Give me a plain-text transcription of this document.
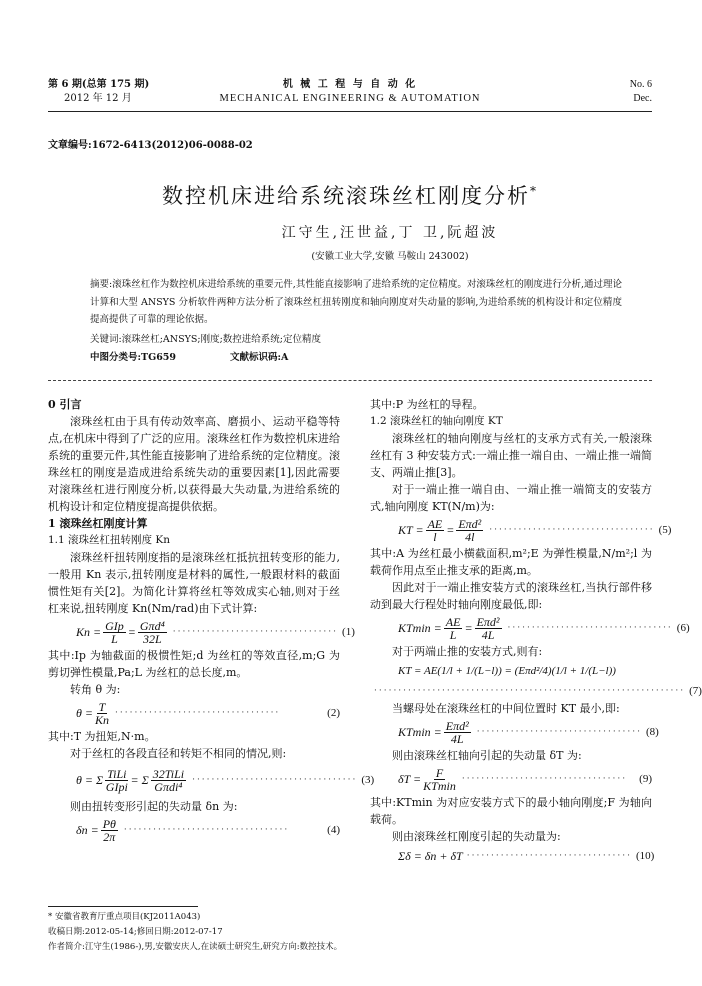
第 6 期(总第 175 期)
2012 年 12 月
机 械 工 程 与 自 动 化
MECHANICAL ENGINEERING & AUTOMATION
No. 6
Dec.
文章编号:1672-6413(2012)06-0088-02
数控机床进给系统滚珠丝杠刚度分析*
江守生,汪世益,丁 卫,阮超波
(安徽工业大学,安徽 马鞍山 243002)
摘要:滚珠丝杠作为数控机床进给系统的重要元件,其性能直接影响了进给系统的定位精度。对滚珠丝杠的刚度进行分析,通过理论计算和大型 ANSYS 分析软件两种方法分析了滚珠丝杠扭转刚度和轴向刚度对失动量的影响,为进给系统的机构设计和定位精度提高提供了可靠的理论依据。
关键词:滚珠丝杠;ANSYS;刚度;数控进给系统;定位精度
中图分类号:TG659	文献标识码:A

0 引言

滚珠丝杠由于具有传动效率高、磨损小、运动平稳等特点,在机床中得到了广泛的应用。滚珠丝杠作为数控机床进给系统的重要元件,其性能直接影响了进给系统的定位精度。滚珠丝杠的刚度是造成进给系统失动的重要因素[1],因此需要对滚珠丝杠进行刚度分析,以获得最大失动量,为进给系统的机构设计和定位精度提高提供依据。

1 滚珠丝杠刚度计算

1.1 滚珠丝杠扭转刚度 Kn

滚珠丝杆扭转刚度指的是滚珠丝杠抵抗扭转变形的能力,一般用 Kn 表示,扭转刚度是材料的属性,一般跟材料的截面惯性矩有关[2]。为简化计算将丝杠等效成实心轴,则对于丝杠来说,扭转刚度 Kn(Nm/rad)由下式计算:

$Kn = \frac{\text{GIp}}{L} = \frac{\text{Gπd⁴}}{32L}$ ·································· (1)

其中:Ip 为轴截面的极惯性矩;d 为丝杠的等效直径,m;G 为剪切弹性模量,Pa;L 为丝杠的总长度,m。

转角 θ 为:

$\theta = \frac{T}{Kn}$ ··································	(2)

其中:T 为扭矩,N·m。

对于丝杠的各段直径和转矩不相同的情况,则:

θ = Σ $\frac{\text{TiLi}}{\text{GIpi}} = \Sigma \frac{\text{32TiLi}}{\text{Gπdi⁴}}$ ·································· (3)

则由扭转变形引起的失动量 δn 为:

$\delta n = \frac{P\theta}{2\pi}$ ··································	(4)

其中:P 为丝杠的导程。

1.2 滚珠丝杠的轴向刚度 KT

滚珠丝杠的轴向刚度与丝杠的支承方式有关,一般滚珠丝杠有 3 种安装方式:一端止推一端自由、一端止推一端简支、两端止推[3]。

对于一端止推一端自由、一端止推一端简支的安装方式,轴向刚度 KT(N/m)为:

KT = $\frac{AE}{l} = \frac{\text{Eπd²}}{4l}$ ·································· (5)

其中:A 为丝杠最小横截面积,m²;E 为弹性模量,N/m²;l 为载荷作用点至止推支承的距离,m。

因此对于一端止推安装方式的滚珠丝杠,当执行部件移动到最大行程处时轴向刚度最低,即:

$KTmin = \frac{AE}{L} = \frac{\text{Eπd²}}{4L}$ ·································· (6)

对于两端止推的安装方式,则有:

KT = AE(1/l + 1/(L−l)) = (Eπd²/4)(1/l + 1/(L−l))
································································ (7)

当螺母处在滚珠丝杠的中间位置时 KT 最小,即:

$KTmin = \frac{\text{Eπd²}}{4L}$ ·································· (8)

则由滚珠丝杠轴向引起的失动量 δT 为:

$\delta T = \frac{F}{KTmin}$ ··································	(9)

其中:KTmin 为对应安装方式下的最小轴向刚度;F 为轴向载荷。

则由滚珠丝杠刚度引起的失动量为:

Σδ = δn + δT ·································· (10)
* 安徽省教育厅重点项目(KJ2011A043)
收稿日期:2012-05-14;修回日期:2012-07-17
作者简介:江守生(1986-),男,安徽安庆人,在读硕士研究生,研究方向:数控技术。
